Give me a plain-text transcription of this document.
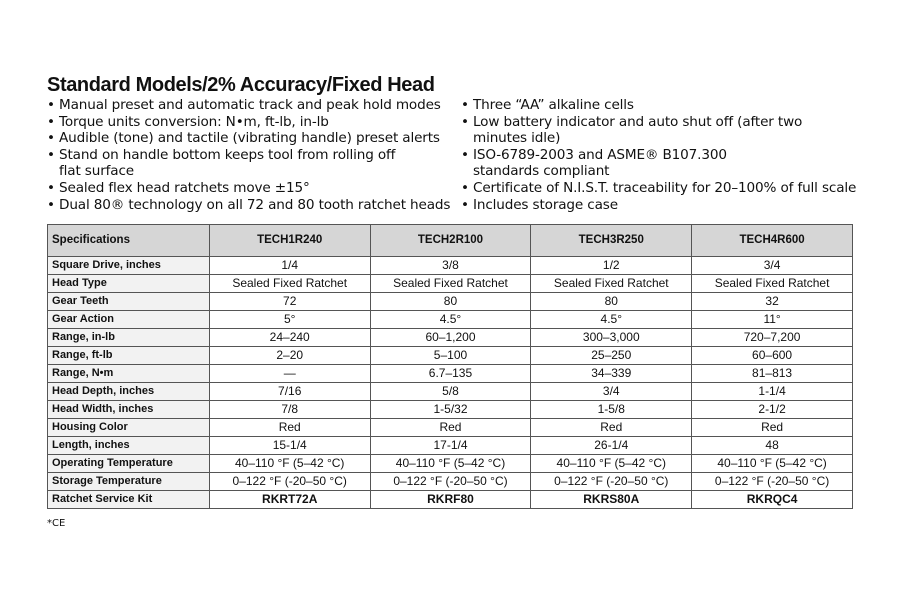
Standard Models/2% Accuracy/Fixed Head
• Manual preset and automatic track and peak hold modes
• Torque units conversion: N•m, ft-lb, in-lb
• Audible (tone) and tactile (vibrating handle) preset alerts
• Stand on handle bottom keeps tool from rolling off
flat surface
• Sealed flex head ratchets move ±15°
• Dual 80® technology on all 72 and 80 tooth ratchet heads
• Three “AA” alkaline cells
• Low battery indicator and auto shut off (after two
minutes idle)
• ISO-6789-2003 and ASME® B107.300
standards compliant
• Certificate of N.I.S.T. traceability for 20–100% of full scale
• Includes storage case
Specifications	TECH1R240	TECH2R100	TECH3R250	TECH4R600
Square Drive, inches	1/4	3/8	1/2	3/4
Head Type	Sealed Fixed Ratchet	Sealed Fixed Ratchet	Sealed Fixed Ratchet	Sealed Fixed Ratchet
Gear Teeth	72	80	80	32
Gear Action	5°	4.5°	4.5°	11°
Range, in-lb	24–240	60–1,200	300–3,000	720–7,200
Range, ft-lb	2–20	5–100	25–250	60–600
Range, N•m	—	6.7–135	34–339	81–813
Head Depth, inches	7/16	5/8	3/4	1-1/4
Head Width, inches	7/8	1-5/32	1-5/8	2-1/2
Housing Color	Red	Red	Red	Red
Length, inches	15-1/4	17-1/4	26-1/4	48
Operating Temperature	40–110 °F (5–42 °C)	40–110 °F (5–42 °C)	40–110 °F (5–42 °C)	40–110 °F (5–42 °C)
Storage Temperature	0–122 °F (-20–50 °C)	0–122 °F (-20–50 °C)	0–122 °F (-20–50 °C)	0–122 °F (-20–50 °C)
Ratchet Service Kit	RKRT72A	RKRF80	RKRS80A	RKRQC4
*CE
